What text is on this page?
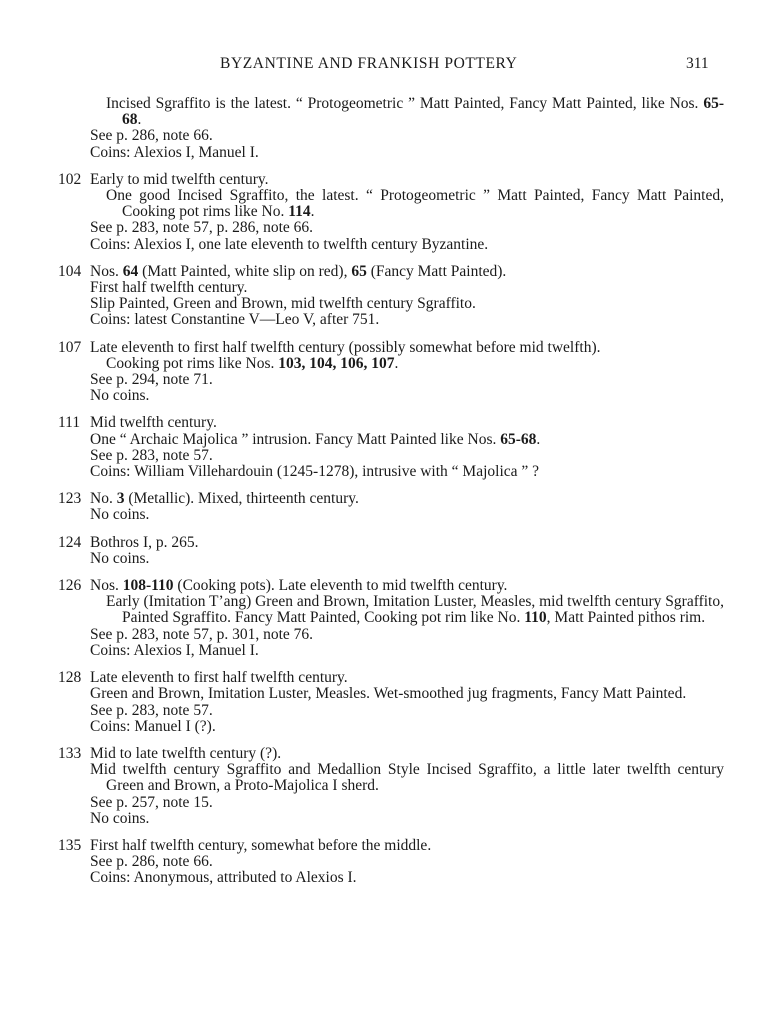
BYZANTINE AND FRANKISH POTTERY	311
Incised Sgraffito is the latest. “ Protogeometric ” Matt Painted, Fancy Matt Painted, like Nos. 65-68.
See p. 286, note 66.
Coins: Alexios I, Manuel I.
102 Early to mid twelfth century.
One good Incised Sgraffito, the latest. “ Protogeometric ” Matt Painted, Fancy Matt Painted, Cooking pot rims like No. 114.
See p. 283, note 57, p. 286, note 66.
Coins: Alexios I, one late eleventh to twelfth century Byzantine.
104 Nos. 64 (Matt Painted, white slip on red), 65 (Fancy Matt Painted).
First half twelfth century.
Slip Painted, Green and Brown, mid twelfth century Sgraffito.
Coins: latest Constantine V—Leo V, after 751.
107 Late eleventh to first half twelfth century (possibly somewhat before mid twelfth).
Cooking pot rims like Nos. 103, 104, 106, 107.
See p. 294, note 71.
No coins.
111 Mid twelfth century.
One “ Archaic Majolica ” intrusion. Fancy Matt Painted like Nos. 65-68.
See p. 283, note 57.
Coins: William Villehardouin (1245-1278), intrusive with “ Majolica ” ?
123 No. 3 (Metallic). Mixed, thirteenth century.
No coins.
124 Bothros I, p. 265.
No coins.
126 Nos. 108-110 (Cooking pots). Late eleventh to mid twelfth century.
Early (Imitation T’ang) Green and Brown, Imitation Luster, Measles, mid twelfth century Sgraffito, Painted Sgraffito. Fancy Matt Painted, Cooking pot rim like No. 110, Matt Painted pithos rim.
See p. 283, note 57, p. 301, note 76.
Coins: Alexios I, Manuel I.
128 Late eleventh to first half twelfth century.
Green and Brown, Imitation Luster, Measles. Wet-smoothed jug fragments, Fancy Matt Painted.
See p. 283, note 57.
Coins: Manuel I (?).
133 Mid to late twelfth century (?).
Mid twelfth century Sgraffito and Medallion Style Incised Sgraffito, a little later twelfth century Green and Brown, a Proto-Majolica I sherd.
See p. 257, note 15.
No coins.
135 First half twelfth century, somewhat before the middle.
See p. 286, note 66.
Coins: Anonymous, attributed to Alexios I.
